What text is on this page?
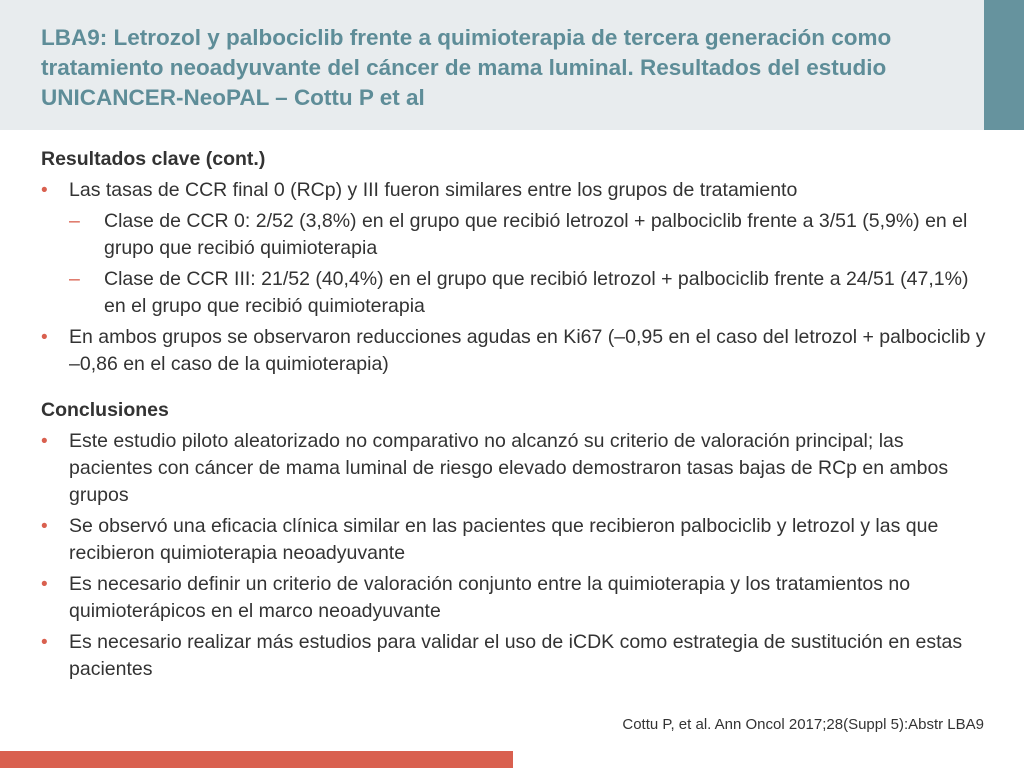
LBA9: Letrozol y palbociclib frente a quimioterapia de tercera generación como tratamiento neoadyuvante del cáncer de mama luminal. Resultados del estudio UNICANCER-NeoPAL – Cottu P et al

Resultados clave (cont.)

• Las tasas de CCR final 0 (RCp) y III fueron similares entre los grupos de tratamiento
– Clase de CCR 0: 2/52 (3,8%) en el grupo que recibió letrozol + palbociclib frente a 3/51 (5,9%) en el grupo que recibió quimioterapia
– Clase de CCR III: 21/52 (40,4%) en el grupo que recibió letrozol + palbociclib frente a 24/51 (47,1%) en el grupo que recibió quimioterapia
• En ambos grupos se observaron reducciones agudas en Ki67 (–0,95 en el caso del letrozol + palbociclib y –0,86 en el caso de la quimioterapia)

Conclusiones

• Este estudio piloto aleatorizado no comparativo no alcanzó su criterio de valoración principal; las pacientes con cáncer de mama luminal de riesgo elevado demostraron tasas bajas de RCp en ambos grupos
• Se observó una eficacia clínica similar en las pacientes que recibieron palbociclib y letrozol y las que recibieron quimioterapia neoadyuvante
• Es necesario definir un criterio de valoración conjunto entre la quimioterapia y los tratamientos no quimioterápicos en el marco neoadyuvante
• Es necesario realizar más estudios para validar el uso de iCDK como estrategia de sustitución en estas pacientes
Cottu P, et al. Ann Oncol 2017;28(Suppl 5):Abstr LBA9
